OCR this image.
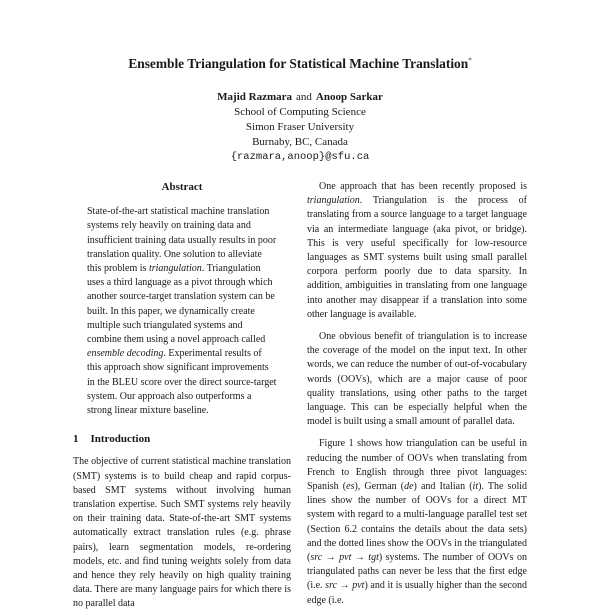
Ensemble Triangulation for Statistical Machine Translation*
Majid Razmara and Anoop Sarkar
School of Computing Science
Simon Fraser University
Burnaby, BC, Canada
{razmara,anoop}@sfu.ca
Abstract

State-of-the-art statistical machine translation systems rely heavily on training data and insufficient training data usually results in poor translation quality. One solution to alleviate this problem is triangulation. Triangulation uses a third language as a pivot through which another source-target translation system can be built. In this paper, we dynamically create multiple such triangulated systems and combine them using a novel approach called ensemble decoding. Experimental results of this approach show significant improvements in the BLEU score over the direct source-target system. Our approach also outperforms a strong linear mixture baseline.

1 Introduction

The objective of current statistical machine translation (SMT) systems is to build cheap and rapid corpus-based SMT systems without involving human translation expertise. Such SMT systems rely heavily on their training data. State-of-the-art SMT systems automatically extract translation rules (e.g. phrase pairs), learn segmentation models, re-ordering models, etc. and find tuning weights solely from data and hence they rely heavily on high quality training data. There are many language pairs for which there is no parallel data

One approach that has been recently proposed is triangulation. Triangulation is the process of translating from a source language to a target language via an intermediate language (aka pivot, or bridge). This is very useful specifically for low-resource languages as SMT systems built using small parallel corpora perform poorly due to data sparsity. In addition, ambiguities in translating from one language into another may disappear if a translation into some other language is available.

One obvious benefit of triangulation is to increase the coverage of the model on the input text. In other words, we can reduce the number of out-of-vocabulary words (OOVs), which are a major cause of poor quality translations, using other paths to the target language. This can be especially helpful when the model is built using a small amount of parallel data.

Figure 1 shows how triangulation can be useful in reducing the number of OOVs when translating from French to English through three pivot languages: Spanish (es), German (de) and Italian (it). The solid lines show the number of OOVs for a direct MT system with regard to a multi-language parallel test set (Section 6.2 contains the details about the data sets) and the dotted lines show the OOVs in the triangulated (src → pvt → tgt) systems. The number of OOVs on triangulated paths can never be less that the first edge (i.e. src → pvt) and it is usually higher than the second edge (i.e.
